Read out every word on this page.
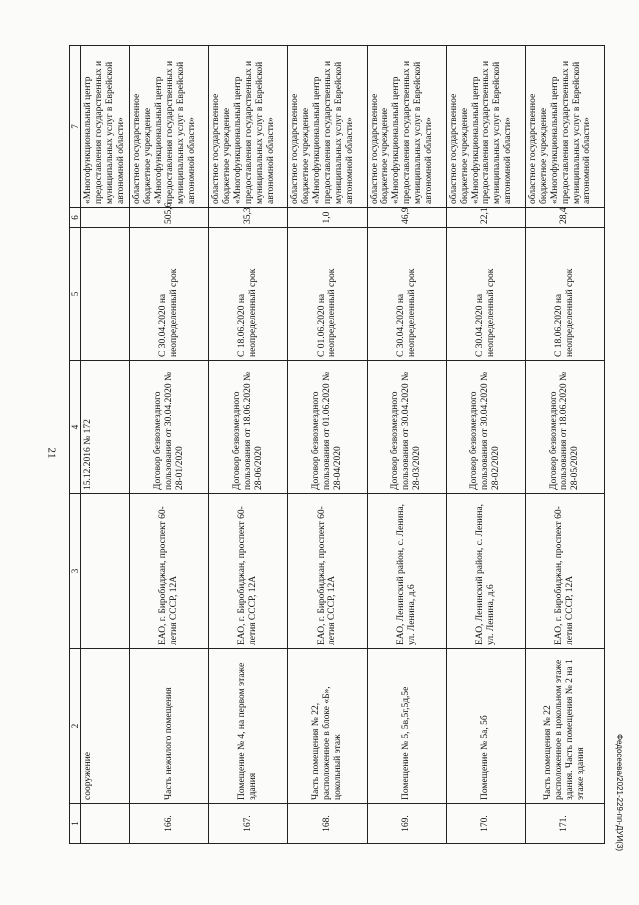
21
1	2	3	4	5	6	7
	сооружение		15.12.2016 № 172			«Многофункциональный центр предоставления государственных и муниципальных услуг в Еврейской автономной области»
166.	Часть нежилого помещения	ЕАО, г. Биробиджан, проспект 60-летия СССР, 12А	Договор безвозмездного пользования от 30.04.2020 № 28-01/2020	С 30.04.2020 на неопределенный срок	505,6	областное государственное бюджетное учреждение «Многофункциональный центр предоставления государственных и муниципальных услуг в Еврейской автономной области»
167.	Помещение № 4, на первом этаже здания	ЕАО, г. Биробиджан, проспект 60-летия СССР, 12А	Договор безвозмездного пользования от 18.06.2020 № 28-06/2020	С 18.06.2020 на неопределенный срок	35,3	областное государственное бюджетное учреждение «Многофункциональный центр предоставления государственных и муниципальных услуг в Еврейской автономной области»
168.	Часть помещения № 22, расположенное в блоке «Б», цокольный этаж	ЕАО, г. Биробиджан, проспект 60-летия СССР, 12А	Договор безвозмездного пользования от 01.06.2020 № 28-04/2020	С 01.06.2020 на неопределенный срок	1,0	областное государственное бюджетное учреждение «Многофункциональный центр предоставления государственных и муниципальных услуг в Еврейской автономной области»
169.	Помещение № 5, 5в,5г,5д,5е	ЕАО, Ленинский район, с. Ленина, ул. Ленина, д.6	Договор безвозмездного пользования от 30.04.2020 № 28-03/2020	С 30.04.2020 на неопределенный срок	46,9	областное государственное бюджетное учреждение «Многофункциональный центр предоставления государственных и муниципальных услуг в Еврейской автономной области»
170.	Помещение № 5а, 5б	ЕАО, Ленинский район, с. Ленина, ул. Ленина, д.6	Договор безвозмездного пользования от 30.04.2020 № 28-02/2020	С 30.04.2020 на неопределенный срок	22,1	областное государственное бюджетное учреждение «Многофункциональный центр предоставления государственных и муниципальных услуг в Еврейской автономной области»
171.	Часть помещения № 22 расположенное в цокольном этаже здания. Часть помещения № 2 на 1 этаже здания	ЕАО, г. Биробиджан, проспект 60-летия СССР, 12А	Договор безвозмездного пользования от 18.06.2020 № 28-05/2020	С 18.06.2020 на неопределенный срок	28,4	областное государственное бюджетное учреждение «Многофункциональный центр предоставления государственных и муниципальных услуг в Еврейской автономной области»
Федосеева/2021-229-пп-ДУИ(3)
